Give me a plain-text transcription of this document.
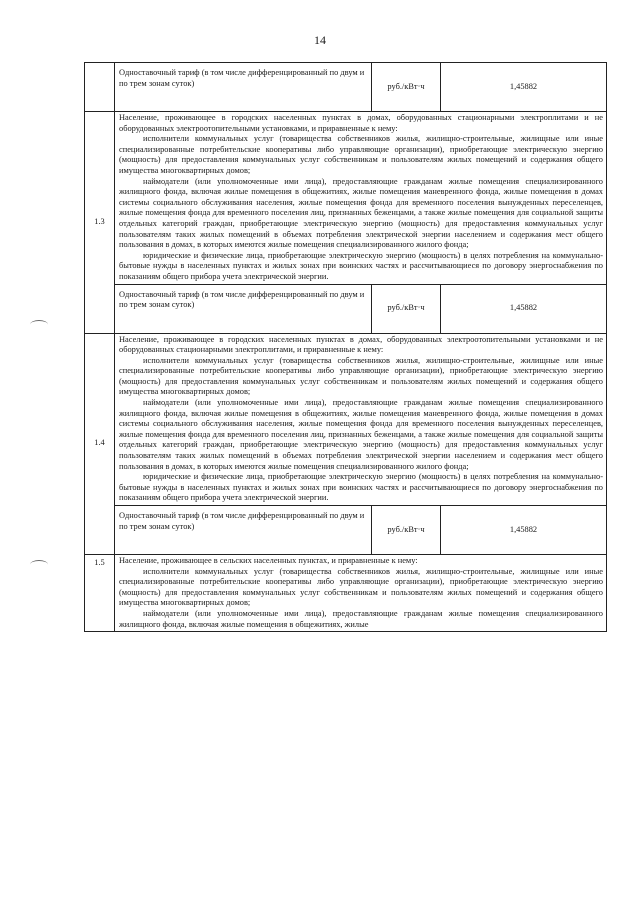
14
	Одноставочный тариф (в том числе дифференцированный по двум и по трем зонам суток)	руб./кВт·ч	1,45882
1.3	Население, проживающее в городских населенных пунктах в домах, оборудованных стационарными электроплитами и не оборудованных электроотопительными установками, и приравненные к нему:

исполнители коммунальных услуг (товарищества собственников жилья, жилищно-строительные, жилищные или иные специализированные потребительские кооперативы либо управляющие организации), приобретающие электрическую энергию (мощность) для предоставления коммунальных услуг собственникам и пользователям жилых помещений и содержания общего имущества многоквартирных домов;

наймодатели (или уполномоченные ими лица), предоставляющие гражданам жилые помещения специализированного жилищного фонда, включая жилые помещения в общежитиях, жилые помещения маневренного фонда, жилые помещения в домах системы социального обслуживания населения, жилые помещения фонда для временного поселения вынужденных переселенцев, жилые помещения фонда для временного поселения лиц, признанных беженцами, а также жилые помещения для социальной защиты отдельных категорий граждан, приобретающие электрическую энергию (мощность) для предоставления коммунальных услуг пользователям таких жилых помещений в объемах потребления электрической энергии населением и содержания мест общего пользования в домах, в которых имеются жилые помещения специализированного жилого фонда;

юридические и физические лица, приобретающие электрическую энергию (мощность) в целях потребления на коммунально-бытовые нужды в населенных пунктах и жилых зонах при воинских частях и рассчитывающиеся по договору энергоснабжения по показаниям общего прибора учета электрической энергии.		

	Одноставочный тариф (в том числе дифференцированный по двум и по трем зонам суток)	руб./кВт·ч	1,45882
1.4	Население, проживающее в городских населенных пунктах в домах, оборудованных электроотопительными установками и не оборудованных стационарными электроплитами, и приравненные к нему:

исполнители коммунальных услуг (товарищества собственников жилья, жилищно-строительные, жилищные или иные специализированные потребительские кооперативы либо управляющие организации), приобретающие электрическую энергию (мощность) для предоставления коммунальных услуг собственникам и пользователям жилых помещений и содержания общего имущества многоквартирных домов;

наймодатели (или уполномоченные ими лица), предоставляющие гражданам жилые помещения специализированного жилищного фонда, включая жилые помещения в общежитиях, жилые помещения маневренного фонда, жилые помещения в домах системы социального обслуживания населения, жилые помещения фонда для временного поселения вынужденных переселенцев, жилые помещения фонда для временного поселения лиц, признанных беженцами, а также жилые помещения для социальной защиты отдельных категорий граждан, приобретающие электрическую энергию (мощность) для предоставления коммунальных услуг пользователям таких жилых помещений в объемах потребления электрической энергии населением и содержания мест общего пользования в домах, в которых имеются жилые помещения специализированного жилого фонда;

юридические и физические лица, приобретающие электрическую энергию (мощность) в целях потребления на коммунально-бытовые нужды в населенных пунктах и жилых зонах при воинских частях и рассчитывающиеся по договору энергоснабжения по показаниям общего прибора учета электрической энергии.		

	Одноставочный тариф (в том числе дифференцированный по двум и по трем зонам суток)	руб./кВт·ч	1,45882
1.5	Население, проживающее в сельских населенных пунктах, и приравненные к нему:

исполнители коммунальных услуг (товарищества собственников жилья, жилищно-строительные, жилищные или иные специализированные потребительские кооперативы либо управляющие организации), приобретающие электрическую энергию (мощность) для предоставления коммунальных услуг собственникам и пользователям жилых помещений и содержания общего имущества многоквартирных домов;

наймодатели (или уполномоченные ими лица), предоставляющие гражданам жилые помещения специализированного жилищного фонда, включая жилые помещения в общежитиях, жилые		
